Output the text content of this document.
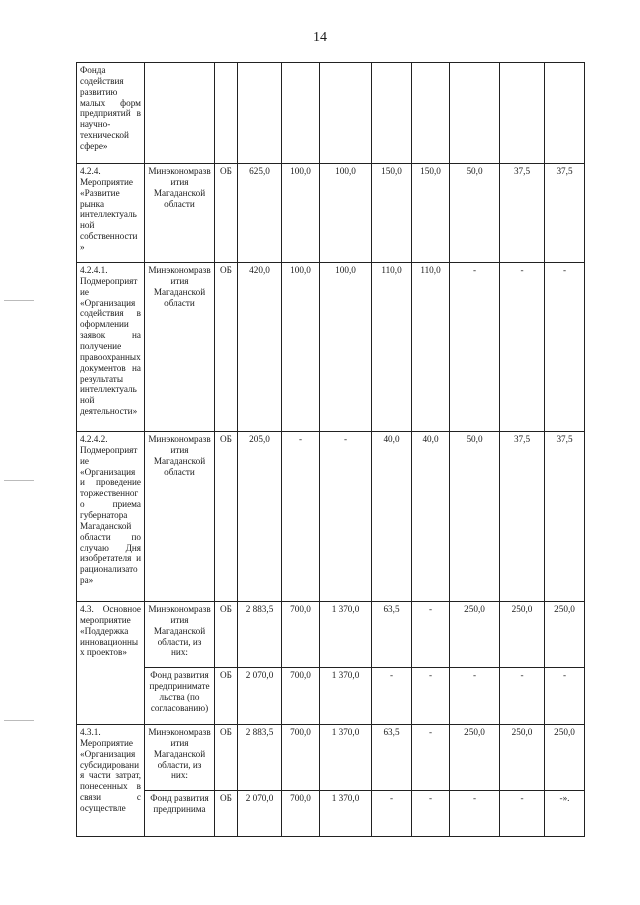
14
Фонда содействия развитию малых форм предприятий в научно-технической сфере»										
4.2.4. Мероприятие «Развитие рынка интеллектуальной собственности»	Минэкономразвития Магаданской области	ОБ	625,0	100,0	100,0	150,0	150,0	50,0	37,5	37,5
4.2.4.1. Подмероприятие «Организация содействия в оформлении заявок на получение правоохранных документов на результаты интеллектуальной деятельности»	Минэкономразвития Магаданской области	ОБ	420,0	100,0	100,0	110,0	110,0	-	-	-
4.2.4.2. Подмероприятие «Организация и проведение торжественного приема губернатора Магаданской области по случаю Дня изобретателя и рационализатора»	Минэкономразвития Магаданской области	ОБ	205,0	-	-	40,0	40,0	50,0	37,5	37,5
4.3. Основное мероприятие «Поддержка инновационных проектов»	Минэкономразвития Магаданской области, из них:	ОБ	2 883,5	700,0	1 370,0	63,5	-	250,0	250,0	250,0
	Фонд развития предпринимательства (по согласованию)	ОБ	2 070,0	700,0	1 370,0	-	-	-	-	-
4.3.1. Мероприятие «Организация субсидирования части затрат, понесенных в связи с осуществле	Минэкономразвития Магаданской области, из них:	ОБ	2 883,5	700,0	1 370,0	63,5	-	250,0	250,0	250,0
	Фонд развития предпринима	ОБ	2 070,0	700,0	1 370,0	-	-	-	-	-».
